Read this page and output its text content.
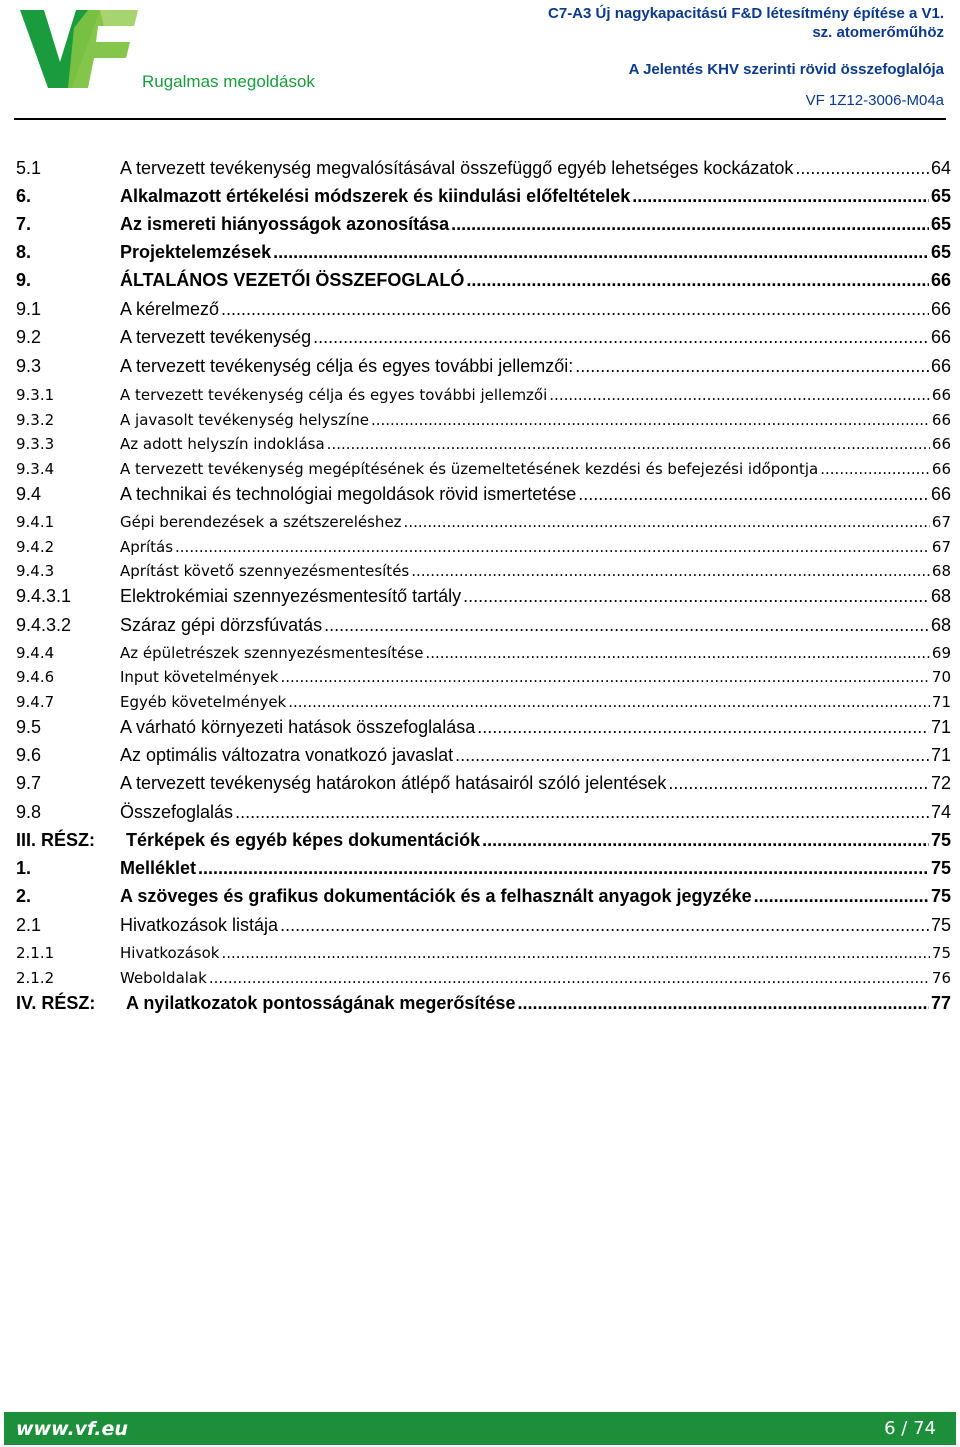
Rugalmas megoldások
C7-A3 Új nagykapacitású F&D létesítmény építése a V1.
sz. atomerőműhöz
A Jelentés KHV szerinti rövid összefoglalója
VF 1Z12-3006-M04a
5.1	A tervezett tevékenység megvalósításával összefüggő egyéb lehetséges kockázatok .....	64
6.	Alkalmazott értékelési módszerek és kiindulási előfeltételek .....	65
7.	Az ismereti hiányosságok azonosítása .....	65
8.	Projektelemzések .....	65
9.	ÁLTALÁNOS VEZETŐI ÖSSZEFOGLALÓ .....	66
9.1	A kérelmező .....	66
9.2	A tervezett tevékenység .....	66
9.3	A tervezett tevékenység célja és egyes további jellemzői: .....	66
9.3.1	A tervezett tevékenység célja és egyes további jellemzői .....	66
9.3.2	A javasolt tevékenység helyszíne .....	66
9.3.3	Az adott helyszín indoklása .....	66
9.3.4	A tervezett tevékenység megépítésének és üzemeltetésének kezdési és befejezési időpontja .....	66
9.4	A technikai és technológiai megoldások rövid ismertetése .....	66
9.4.1	Gépi berendezések a szétszereléshez .....	67
9.4.2	Aprítás .....	67
9.4.3	Aprítást követő szennyezésmentesítés .....	68
9.4.3.1	Elektrokémiai szennyezésmentesítő tartály .....	68
9.4.3.2	Száraz gépi dörzsfúvatás .....	68
9.4.4	Az épületrészek szennyezésmentesítése .....	69
9.4.6	Input követelmények .....	70
9.4.7	Egyéb követelmények .....	71
9.5	A várható környezeti hatások összefoglalása .....	71
9.6	Az optimális változatra vonatkozó javaslat .....	71
9.7	A tervezett tevékenység határokon átlépő hatásairól szóló jelentések .....	72
9.8	Összefoglalás .....	74
III. RÉSZ:	Térképek és egyéb képes dokumentációk .....	75
1.	Melléklet .....	75
2.	A szöveges és grafikus dokumentációk és a felhasznált anyagok jegyzéke .....	75
2.1	Hivatkozások listája .....	75
2.1.1	Hivatkozások .....	75
2.1.2	Weboldalak .....	76
IV. RÉSZ:	A nyilatkozatok pontosságának megerősítése .....	77
www.vf.eu	6 / 74
